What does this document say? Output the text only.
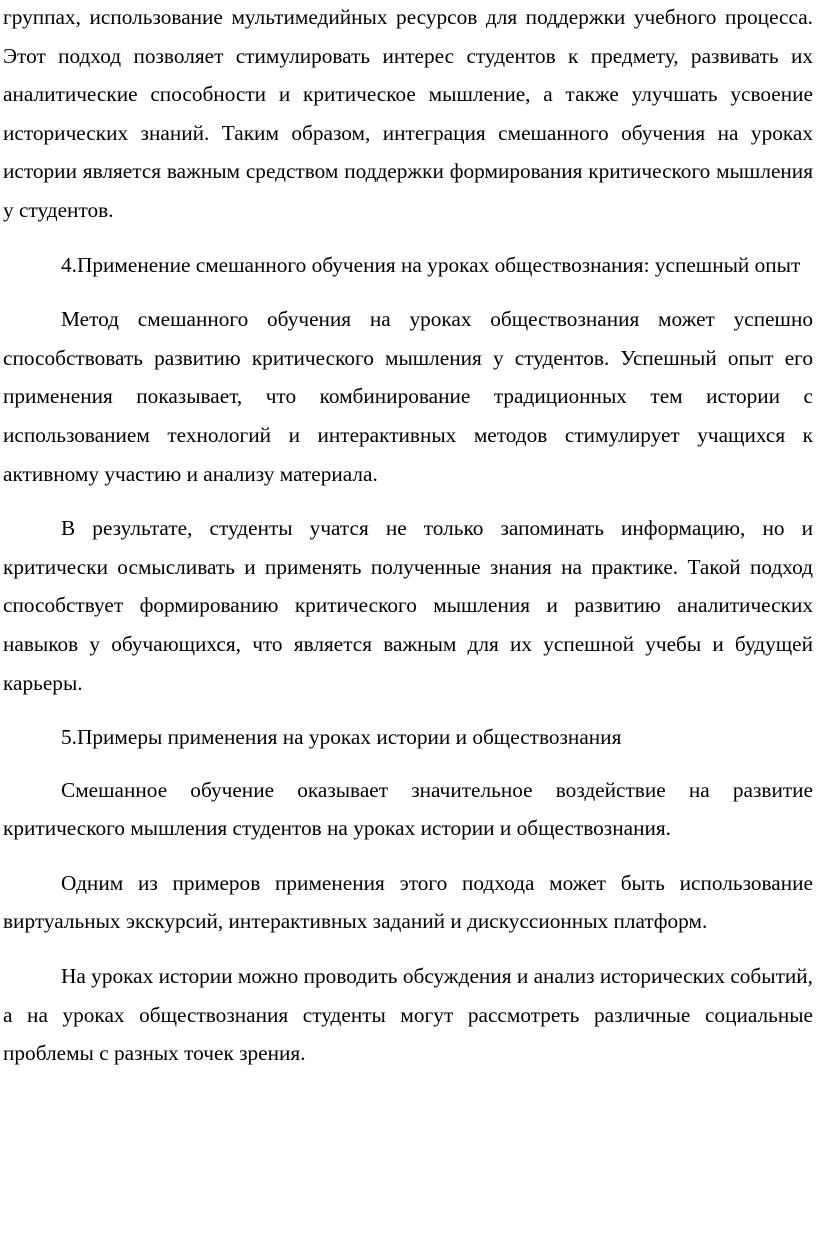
группах, использование мультимедийных ресурсов для поддержки учебного процесса. Этот подход позволяет стимулировать интерес студентов к предмету, развивать их аналитические способности и критическое мышление, а также улучшать усвоение исторических знаний. Таким образом, интеграция смешанного обучения на уроках истории является важным средством поддержки формирования критического мышления у студентов.

4.Применение смешанного обучения на уроках обществознания: успешный опыт

Метод смешанного обучения на уроках обществознания может успешно способствовать развитию критического мышления у студентов. Успешный опыт его применения показывает, что комбинирование традиционных тем истории с использованием технологий и интерактивных методов стимулирует учащихся к активному участию и анализу материала.

В результате, студенты учатся не только запоминать информацию, но и критически осмысливать и применять полученные знания на практике. Такой подход способствует формированию критического мышления и развитию аналитических навыков у обучающихся, что является важным для их успешной учебы и будущей карьеры.

5.Примеры применения на уроках истории и обществознания

Смешанное обучение оказывает значительное воздействие на развитие критического мышления студентов на уроках истории и обществознания.

Одним из примеров применения этого подхода может быть использование виртуальных экскурсий, интерактивных заданий и дискуссионных платформ.

На уроках истории можно проводить обсуждения и анализ исторических событий, а на уроках обществознания студенты могут рассмотреть различные социальные проблемы с разных точек зрения.
